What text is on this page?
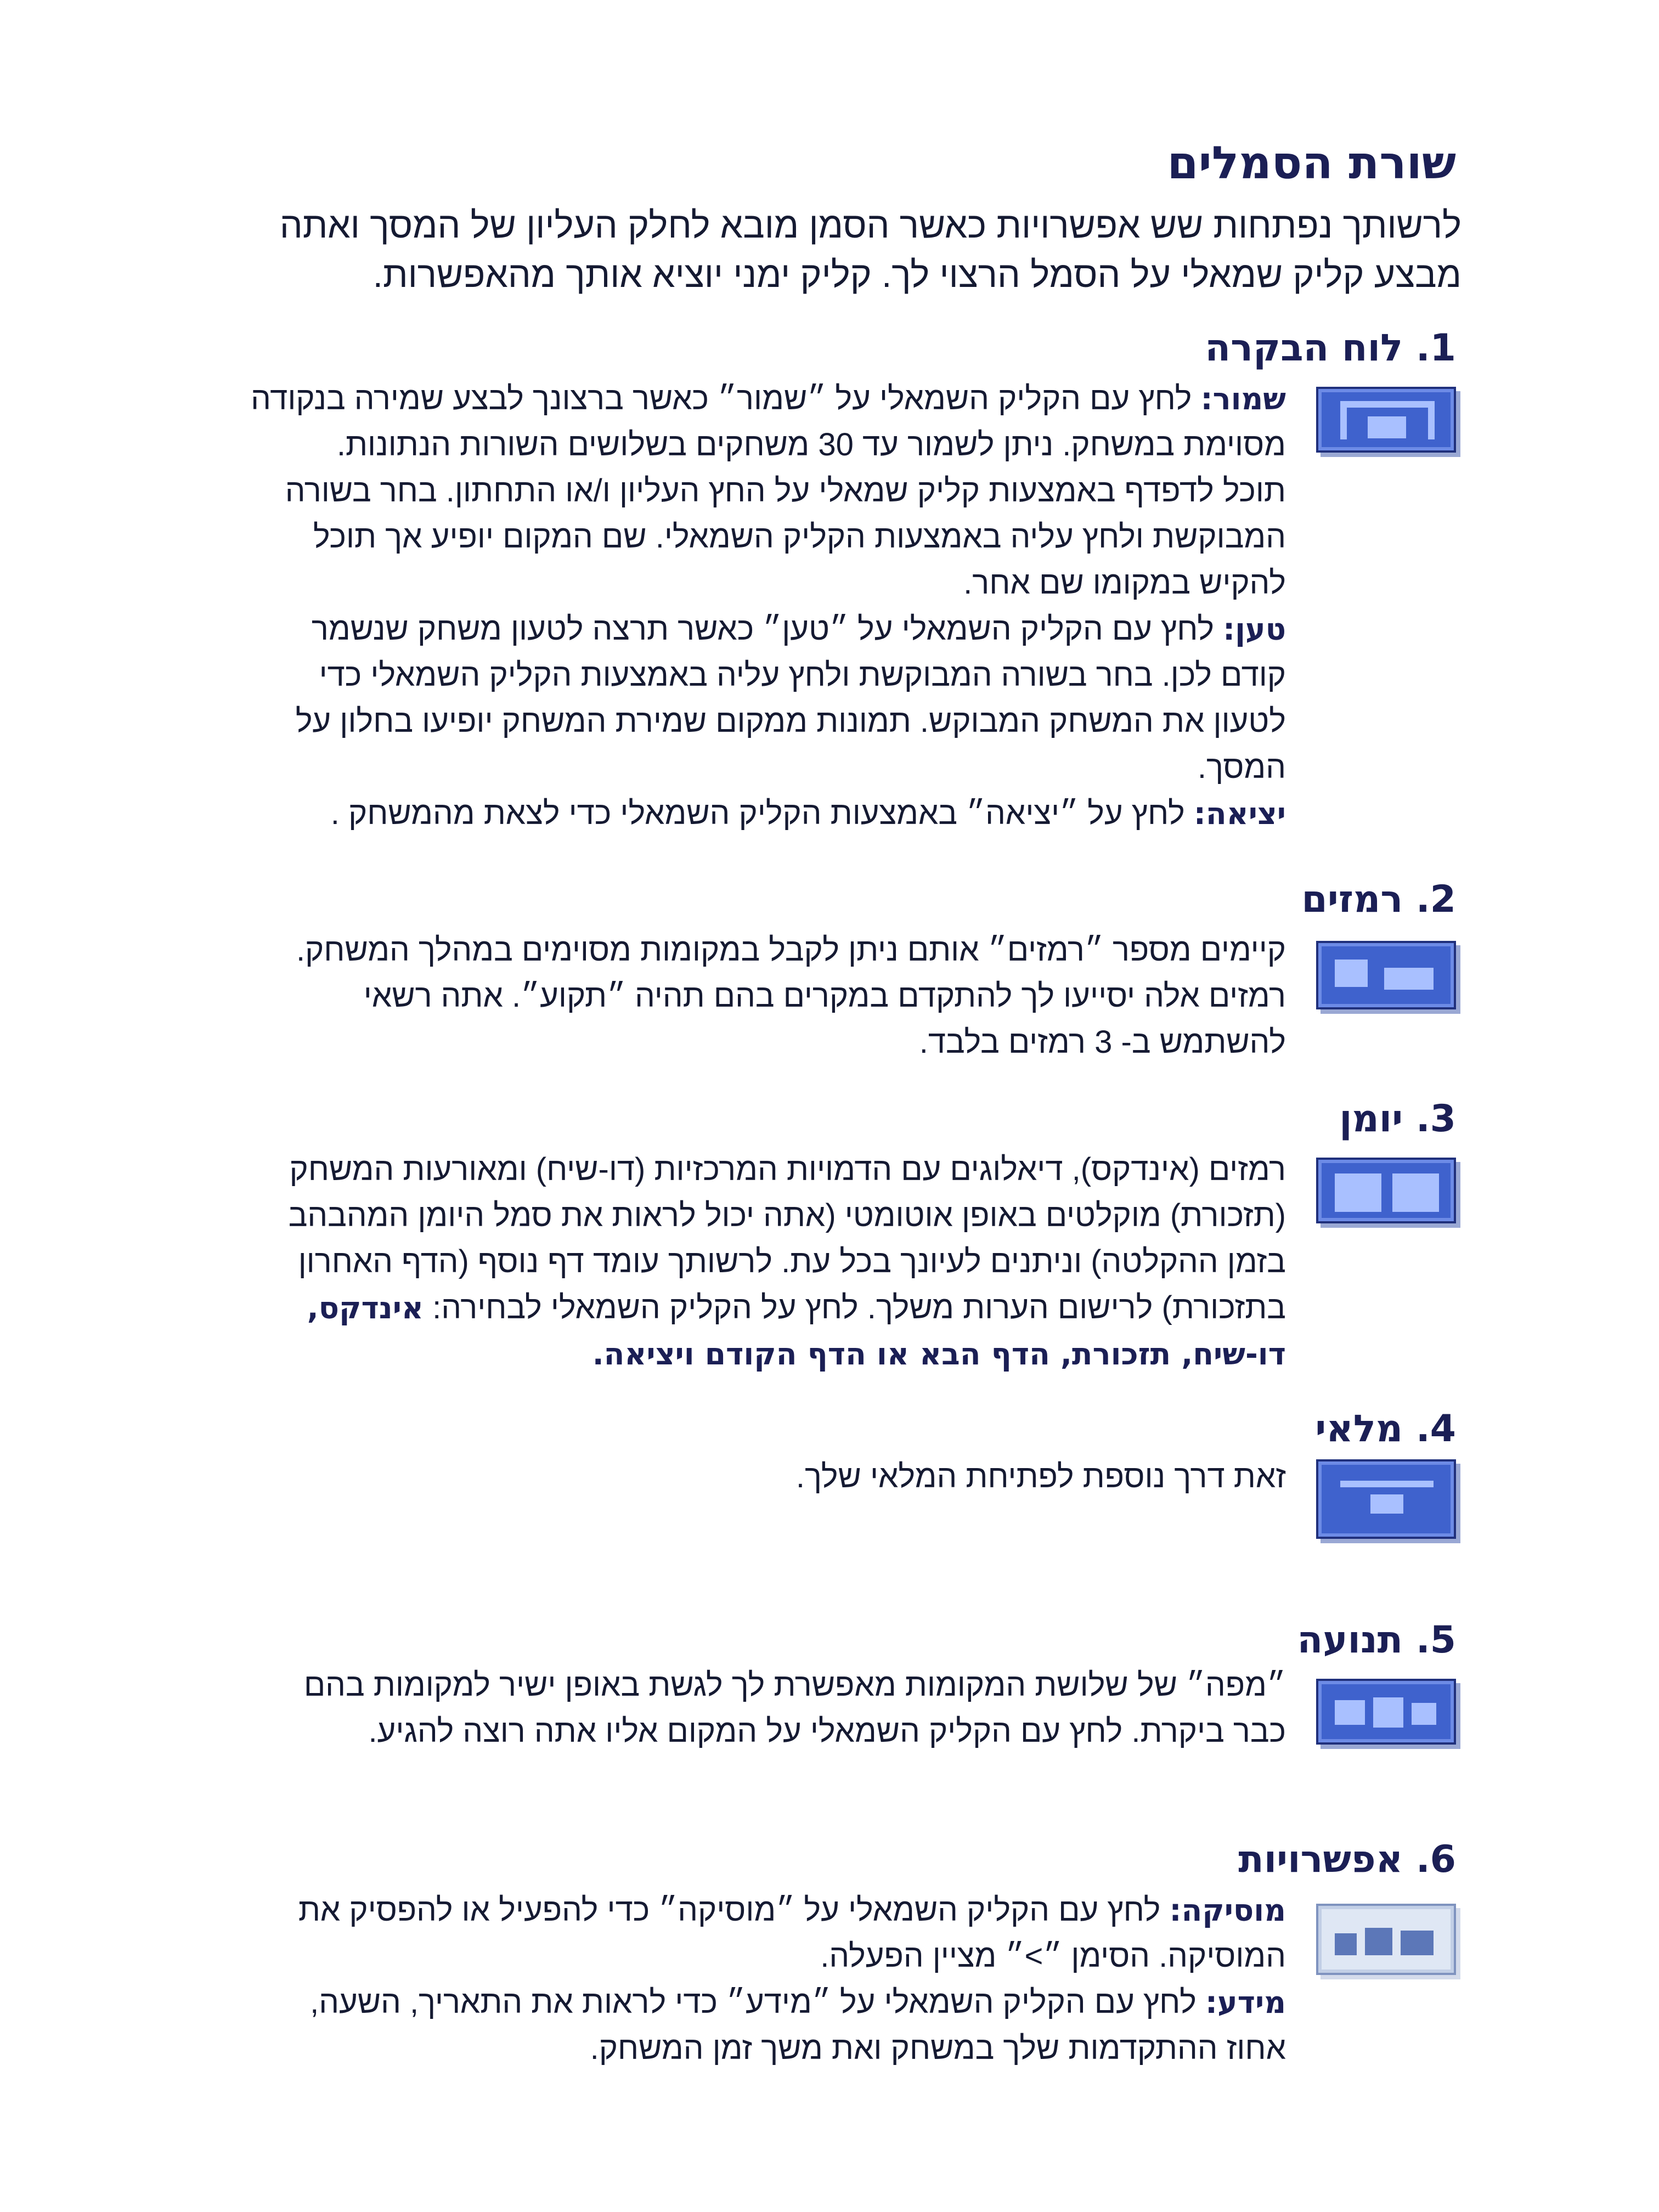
שורת הסמלים

לרשותך נפתחות שש אפשרויות כאשר הסמן מובא לחלק העליון של המסך ואתה מבצע קליק שמאלי על הסמל הרצוי לך. קליק ימני יוציא אותך מהאפשרות.

1. לוח הבקרה

שמור: לחץ עם הקליק השמאלי על ״שמור״ כאשר ברצונך לבצע שמירה בנקודה מסוימת במשחק. ניתן לשמור עד 30 משחקים בשלושים השורות הנתונות.

תוכל לדפדף באמצעות קליק שמאלי על החץ העליון ו/או התחתון. בחר בשורה המבוקשת ולחץ עליה באמצעות הקליק השמאלי. שם המקום יופיע אך תוכל להקיש במקומו שם אחר.

טען: לחץ עם הקליק השמאלי על ״טען״ כאשר תרצה לטעון משחק שנשמר קודם לכן. בחר בשורה המבוקשת ולחץ עליה באמצעות הקליק השמאלי כדי לטעון את המשחק המבוקש. תמונות ממקום שמירת המשחק יופיעו בחלון על המסך.

יציאה: לחץ על ״יציאה״ באמצעות הקליק השמאלי כדי לצאת מהמשחק .

2. רמזים

קיימים מספר ״רמזים״ אותם ניתן לקבל במקומות מסוימים במהלך המשחק. רמזים אלה יסייעו לך להתקדם במקרים בהם תהיה ״תקוע״. אתה רשאי להשתמש ב- 3 רמזים בלבד.

3. יומן

רמזים (אינדקס), דיאלוגים עם הדמויות המרכזיות (דו-שיח) ומאורעות המשחק (תזכורת) מוקלטים באופן אוטומטי (אתה יכול לראות את סמל היומן המהבהב בזמן ההקלטה) וניתנים לעיונך בכל עת. לרשותך עומד דף נוסף (הדף האחרון בתזכורת) לרישום הערות משלך. לחץ על הקליק השמאלי לבחירה: אינדקס, דו-שיח, תזכורת, הדף הבא או הדף הקודם ויציאה.

4. מלאי

זאת דרך נוספת לפתיחת המלאי שלך.

5. תנועה

״מפה״ של שלושת המקומות מאפשרת לך לגשת באופן ישיר למקומות בהם כבר ביקרת. לחץ עם הקליק השמאלי על המקום אליו אתה רוצה להגיע.

6. אפשרויות

מוסיקה: לחץ עם הקליק השמאלי על ״מוסיקה״ כדי להפעיל או להפסיק את המוסיקה. הסימן ״>״ מציין הפעלה.

מידע: לחץ עם הקליק השמאלי על ״מידע״ כדי לראות את התאריך, השעה, אחוז ההתקדמות שלך במשחק ואת משך זמן המשחק.
